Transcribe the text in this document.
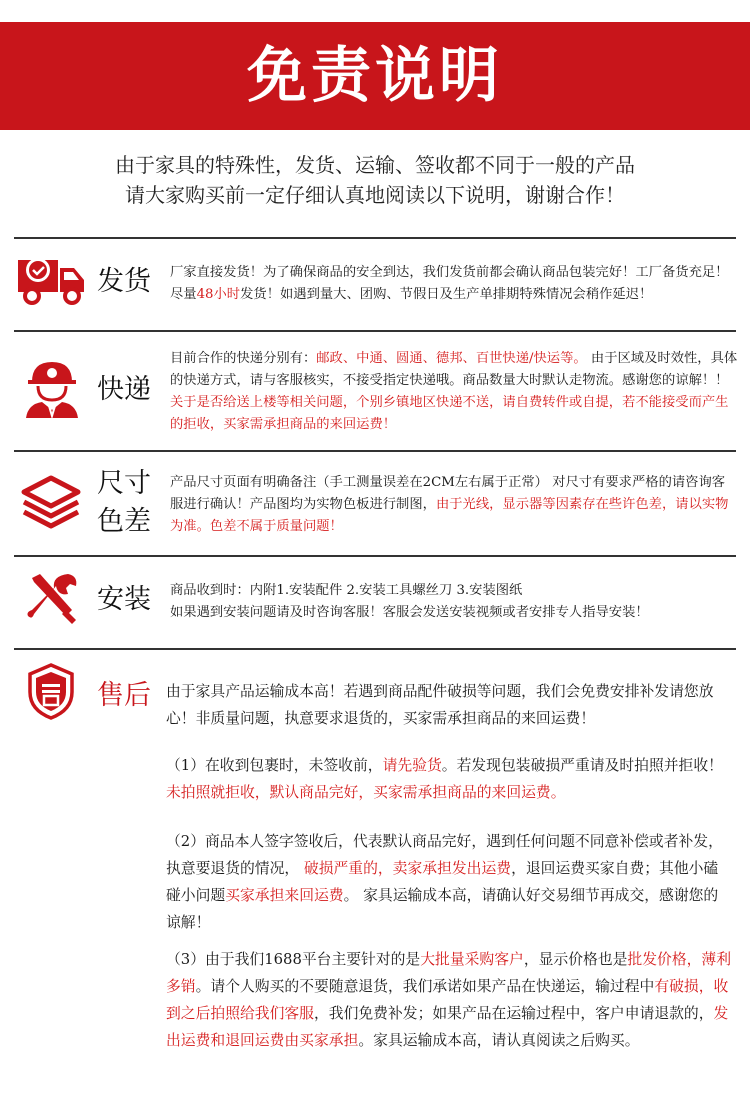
免责说明
由于家具的特殊性，发货、运输、签收都不同于一般的产品
请大家购买前一定仔细认真地阅读以下说明，谢谢合作！
发货 厂家直接发货！为了确保商品的安全到达，我们发货前都会确认商品包装完好！工厂备货充足！尽量48小时发货！如遇到量大、团购、节假日及生产单排期特殊情况会稍作延迟！

快递

目前合作的快递分别有：邮政、中通、圆通、德邦、百世快递/快运等。 由于区域及时效性，具体的快递方式，请与客服核实，不接受指定快递哦。商品数量大时默认走物流。感谢您的谅解！！关于是否给送上楼等相关问题，个别乡镇地区快递不送，请自费转件或自提，若不能接受而产生的拒收，买家需承担商品的来回运费！

尺寸
色差

产品尺寸页面有明确备注（手工测量误差在2CM左右属于正常） 对尺寸有要求严格的请咨询客服进行确认！产品图均为实物色板进行制图，由于光线，显示器等因素存在些许色差，请以实物为准。色差不属于质量问题！

安装 商品收到时：内附1.安装配件 2.安装工具螺丝刀 3.安装图纸

如果遇到安装问题请及时咨询客服！客服会发送安装视频或者安排专人指导安装！

售后 由于家具产品运输成本高！若遇到商品配件破损等问题，我们会免费安排补发请您放心！非质量问题，执意要求退货的，买家需承担商品的来回运费！

（1）在收到包裹时，未签收前，请先验货。若发现包装破损严重请及时拍照并拒收！未拍照就拒收，默认商品完好，买家需承担商品的来回运费。

（2）商品本人签字签收后，代表默认商品完好，遇到任何问题不同意补偿或者补发，执意要退货的情况， 破损严重的，卖家承担发出运费，退回运费买家自费；其他小磕碰小问题买家承担来回运费。 家具运输成本高，请确认好交易细节再成交，感谢您的谅解！

（3）由于我们1688平台主要针对的是大批量采购客户，显示价格也是批发价格，薄利多销。请个人购买的不要随意退货，我们承诺如果产品在快递运，输过程中有破损，收到之后拍照给我们客服，我们免费补发；如果产品在运输过程中，客户申请退款的，发出运费和退回运费由买家承担。家具运输成本高，请认真阅读之后购买。
